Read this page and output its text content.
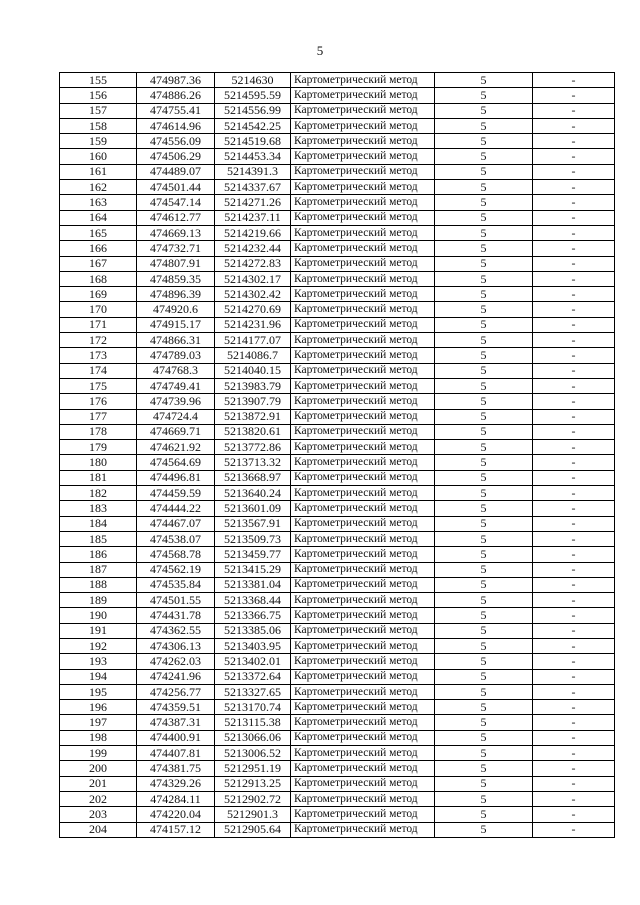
5
155	474987.36	5214630	Картометрический метод	5	-
156	474886.26	5214595.59	Картометрический метод	5	-
157	474755.41	5214556.99	Картометрический метод	5	-
158	474614.96	5214542.25	Картометрический метод	5	-
159	474556.09	5214519.68	Картометрический метод	5	-
160	474506.29	5214453.34	Картометрический метод	5	-
161	474489.07	5214391.3	Картометрический метод	5	-
162	474501.44	5214337.67	Картометрический метод	5	-
163	474547.14	5214271.26	Картометрический метод	5	-
164	474612.77	5214237.11	Картометрический метод	5	-
165	474669.13	5214219.66	Картометрический метод	5	-
166	474732.71	5214232.44	Картометрический метод	5	-
167	474807.91	5214272.83	Картометрический метод	5	-
168	474859.35	5214302.17	Картометрический метод	5	-
169	474896.39	5214302.42	Картометрический метод	5	-
170	474920.6	5214270.69	Картометрический метод	5	-
171	474915.17	5214231.96	Картометрический метод	5	-
172	474866.31	5214177.07	Картометрический метод	5	-
173	474789.03	5214086.7	Картометрический метод	5	-
174	474768.3	5214040.15	Картометрический метод	5	-
175	474749.41	5213983.79	Картометрический метод	5	-
176	474739.96	5213907.79	Картометрический метод	5	-
177	474724.4	5213872.91	Картометрический метод	5	-
178	474669.71	5213820.61	Картометрический метод	5	-
179	474621.92	5213772.86	Картометрический метод	5	-
180	474564.69	5213713.32	Картометрический метод	5	-
181	474496.81	5213668.97	Картометрический метод	5	-
182	474459.59	5213640.24	Картометрический метод	5	-
183	474444.22	5213601.09	Картометрический метод	5	-
184	474467.07	5213567.91	Картометрический метод	5	-
185	474538.07	5213509.73	Картометрический метод	5	-
186	474568.78	5213459.77	Картометрический метод	5	-
187	474562.19	5213415.29	Картометрический метод	5	-
188	474535.84	5213381.04	Картометрический метод	5	-
189	474501.55	5213368.44	Картометрический метод	5	-
190	474431.78	5213366.75	Картометрический метод	5	-
191	474362.55	5213385.06	Картометрический метод	5	-
192	474306.13	5213403.95	Картометрический метод	5	-
193	474262.03	5213402.01	Картометрический метод	5	-
194	474241.96	5213372.64	Картометрический метод	5	-
195	474256.77	5213327.65	Картометрический метод	5	-
196	474359.51	5213170.74	Картометрический метод	5	-
197	474387.31	5213115.38	Картометрический метод	5	-
198	474400.91	5213066.06	Картометрический метод	5	-
199	474407.81	5213006.52	Картометрический метод	5	-
200	474381.75	5212951.19	Картометрический метод	5	-
201	474329.26	5212913.25	Картометрический метод	5	-
202	474284.11	5212902.72	Картометрический метод	5	-
203	474220.04	5212901.3	Картометрический метод	5	-
204	474157.12	5212905.64	Картометрический метод	5	-
